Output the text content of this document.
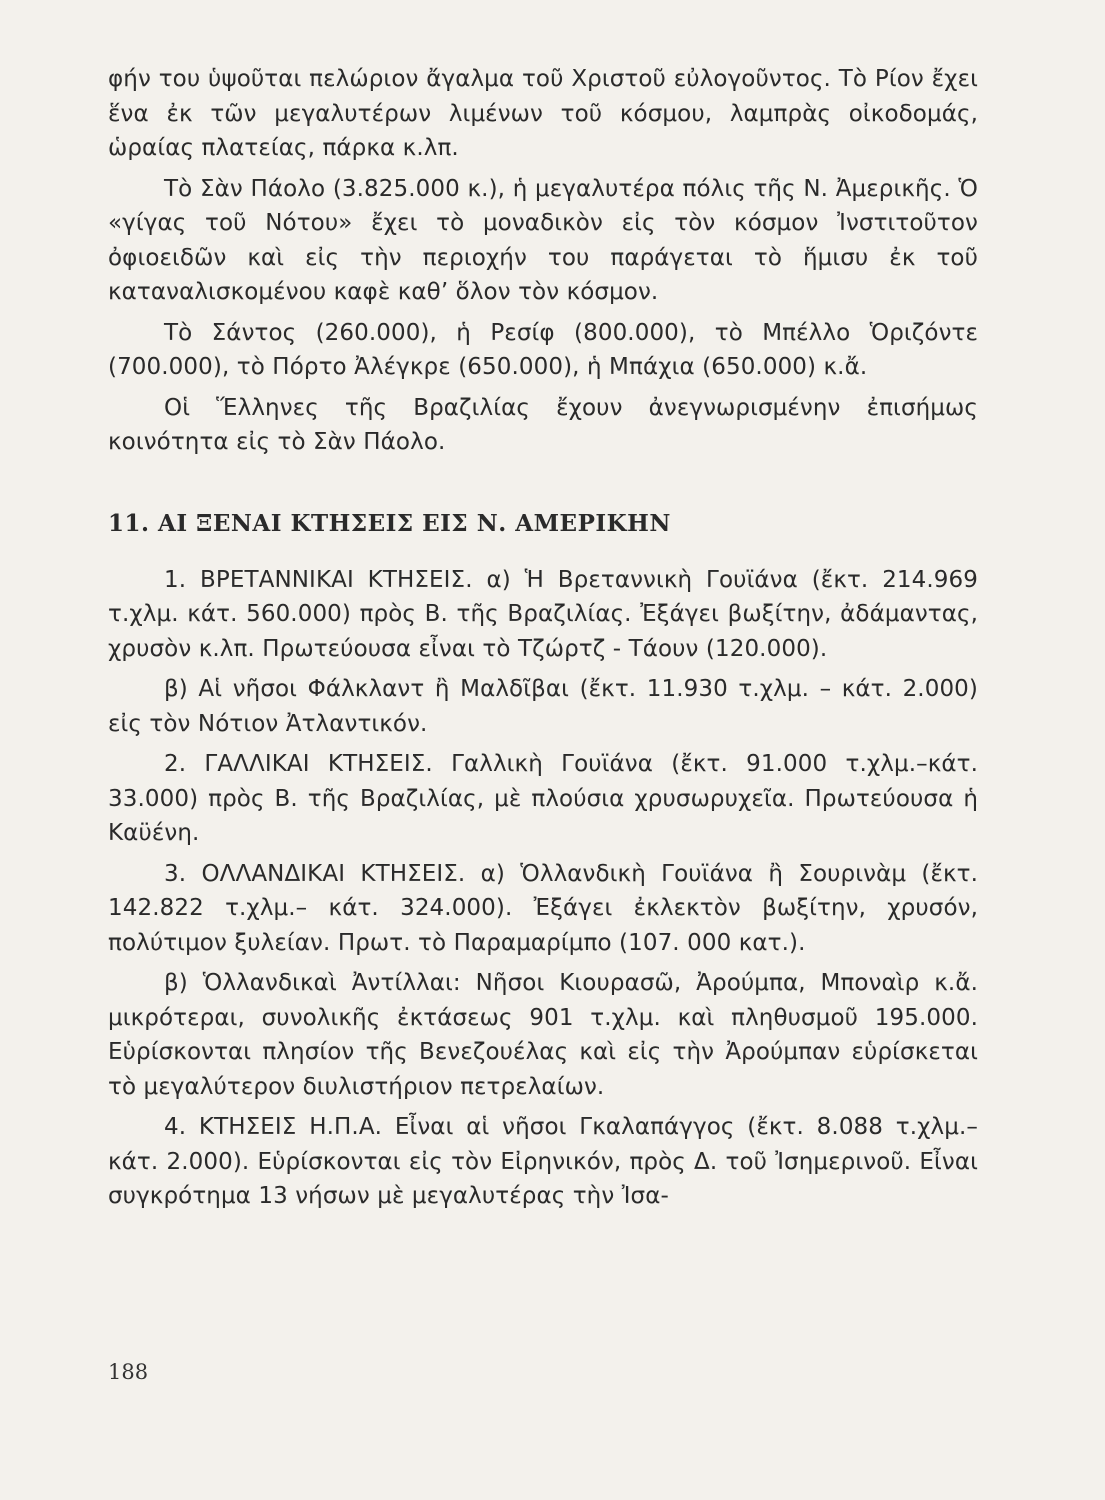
φήν του ὑψοῦται πελώριον ἄγαλμα τοῦ Χριστοῦ εὐλογοῦντος. Τὸ Ρίον ἔχει ἕνα ἐκ τῶν μεγαλυτέρων λιμένων τοῦ κόσμου, λαμπρὰς οἰκοδομάς, ὡραίας πλατείας, πάρκα κ.λπ.

Τὸ Σὰν Πάολο (3.825.000 κ.), ἡ μεγαλυτέρα πόλις τῆς Ν. Ἀμερικῆς. Ὁ «γίγας τοῦ Νότου» ἔχει τὸ μοναδικὸν εἰς τὸν κόσμον Ἰνστιτοῦτον ὀφιοειδῶν καὶ εἰς τὴν περιοχήν του παράγεται τὸ ἥμισυ ἐκ τοῦ καταναλισκομένου καφὲ καθ’ ὅλον τὸν κόσμον.

Τὸ Σάντος (260.000), ἡ Ρεσίφ (800.000), τὸ Μπέλλο Ὁριζόντε (700.000), τὸ Πόρτο Ἀλέγκρε (650.000), ἡ Μπάχια (650.000) κ.ἄ.

Οἱ Ἕλληνες τῆς Βραζιλίας ἔχουν ἀνεγνωρισμένην ἐπισήμως κοινότητα εἰς τὸ Σὰν Πάολο.

11. ΑΙ ΞΕΝΑΙ ΚΤΗΣΕΙΣ ΕΙΣ Ν. ΑΜΕΡΙΚΗΝ

1. ΒΡΕΤΑΝΝΙΚΑΙ ΚΤΗΣΕΙΣ. α) Ἡ Βρεταννικὴ Γουϊάνα (ἔκτ. 214.969 τ.χλμ. κάτ. 560.000) πρὸς Β. τῆς Βραζιλίας. Ἐξάγει βωξίτην, ἀδάμαντας, χρυσὸν κ.λπ. Πρωτεύουσα εἶναι τὸ Τζώρτζ - Τάουν (120.000).

β) Αἱ νῆσοι Φάλκλαντ ἢ Μαλδῖβαι (ἔκτ. 11.930 τ.χλμ. – κάτ. 2.000) εἰς τὸν Νότιον Ἀτλαντικόν.

2. ΓΑΛΛΙΚΑΙ ΚΤΗΣΕΙΣ. Γαλλικὴ Γουϊάνα (ἔκτ. 91.000 τ.χλμ.–κάτ. 33.000) πρὸς Β. τῆς Βραζιλίας, μὲ πλούσια χρυσωρυχεῖα. Πρωτεύουσα ἡ Καϋένη.

3. ΟΛΛΑΝΔΙΚΑΙ ΚΤΗΣΕΙΣ. α) Ὁλλανδικὴ Γουϊάνα ἢ Σουρινὰμ (ἔκτ. 142.822 τ.χλμ.– κάτ. 324.000). Ἐξάγει ἐκλεκτὸν βωξίτην, χρυσόν, πολύτιμον ξυλείαν. Πρωτ. τὸ Παραμαρίμπο (107. 000 κατ.).

β) Ὁλλανδικαὶ Ἀντίλλαι: Νῆσοι Κιουρασῶ, Ἀρούμπα, Μποναὶρ κ.ἄ. μικρότεραι, συνολικῆς ἐκτάσεως 901 τ.χλμ. καὶ πληθυσμοῦ 195.000. Εὑρίσκονται πλησίον τῆς Βενεζουέλας καὶ εἰς τὴν Ἀρούμπαν εὑρίσκεται τὸ μεγαλύτερον διυλιστήριον πετρελαίων.

4. ΚΤΗΣΕΙΣ Η.Π.Α. Εἶναι αἱ νῆσοι Γκαλαπάγγος (ἔκτ. 8.088 τ.χλμ.– κάτ. 2.000). Εὑρίσκονται εἰς τὸν Εἰρηνικόν, πρὸς Δ. τοῦ Ἰσημερινοῦ. Εἶναι συγκρότημα 13 νήσων μὲ μεγαλυτέρας τὴν Ἰσα-

188
